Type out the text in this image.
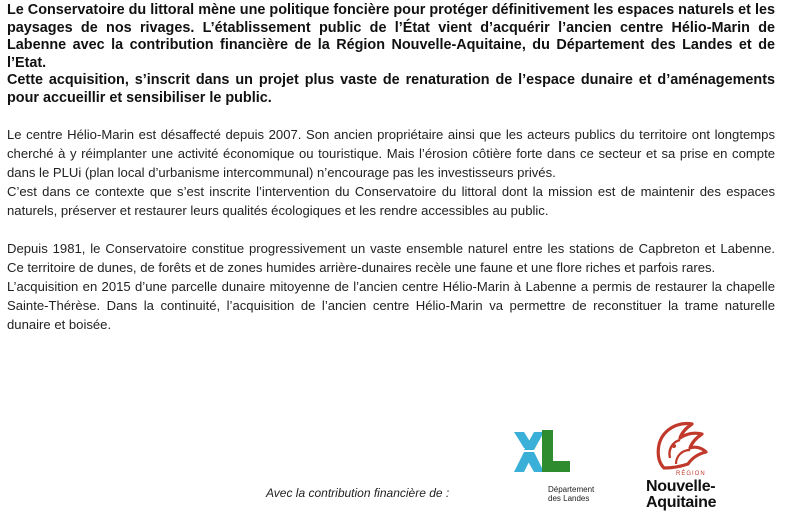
Le Conservatoire du littoral mène une politique foncière pour protéger définitivement les espaces naturels et les paysages de nos rivages. L’établissement public de l’État vient d’acquérir l’ancien centre Hélio-Marin de Labenne avec la contribution financière de la Région Nouvelle-Aquitaine, du Département des Landes et de l’Etat.

Cette acquisition, s’inscrit dans un projet plus vaste de renaturation de l’espace dunaire et d’aménagements pour accueillir et sensibiliser le public.

Le centre Hélio-Marin est désaffecté depuis 2007. Son ancien propriétaire ainsi que les acteurs publics du territoire ont longtemps cherché à y réimplanter une activité économique ou touristique. Mais l’érosion côtière forte dans ce secteur et sa prise en compte dans le PLUi (plan local d’urbanisme intercommunal) n’encourage pas les investisseurs privés.

C’est dans ce contexte que s’est inscrite l’intervention du Conservatoire du littoral dont la mission est de maintenir des espaces naturels, préserver et restaurer leurs qualités écologiques et les rendre accessibles au public.

Depuis 1981, le Conservatoire constitue progressivement un vaste ensemble naturel entre les stations de Capbreton et Labenne. Ce territoire de dunes, de forêts et de zones humides arrière-dunaires recèle une faune et une flore riches et parfois rares.

L’acquisition en 2015 d’une parcelle dunaire mitoyenne de l’ancien centre Hélio-Marin à Labenne a permis de restaurer la chapelle Sainte-Thérèse. Dans la continuité, l’acquisition de l’ancien centre Hélio-Marin va permettre de reconstituer la trame naturelle dunaire et boisée.

Avec la contribution financière de :	Département
des Landes
RÉGION
Nouvelle-
Aquitaine
